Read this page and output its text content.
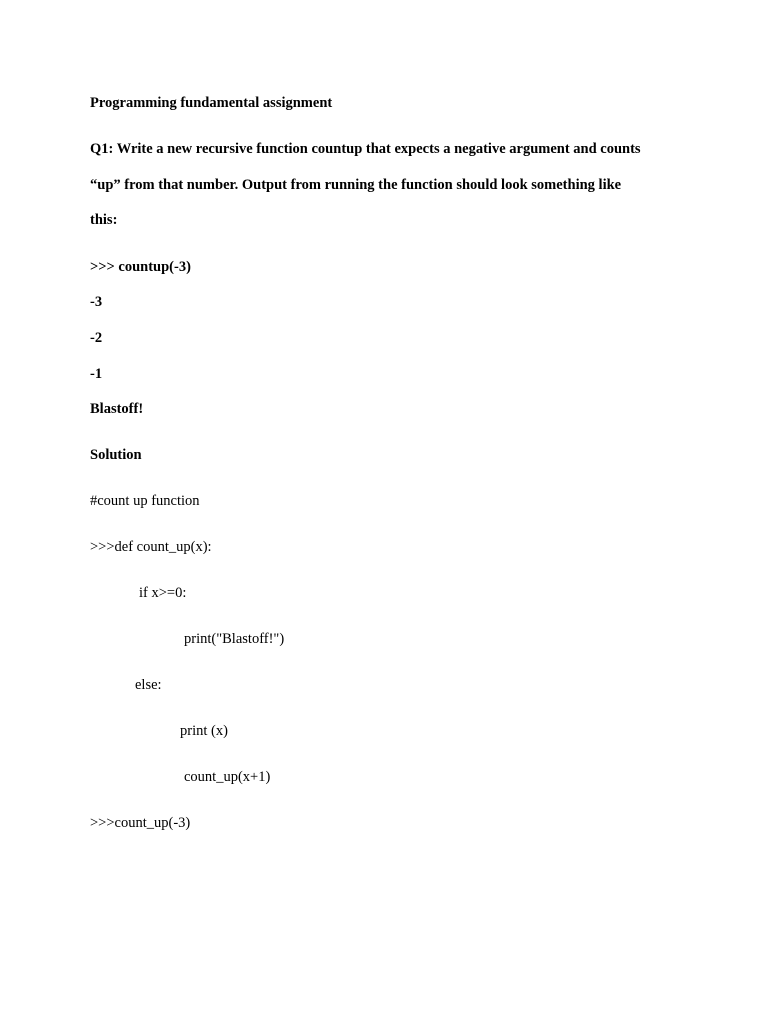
Programming fundamental assignment

Q1: Write a new recursive function countup that expects a negative argument and counts

“up” from that number. Output from running the function should look something like

this:

>>> countup(-3)

-3

-2

-1

Blastoff!

Solution

#count up function

>>>def count_up(x):

if x>=0:

print("Blastoff!")

else:

print (x)

count_up(x+1)

>>>count_up(-3)
